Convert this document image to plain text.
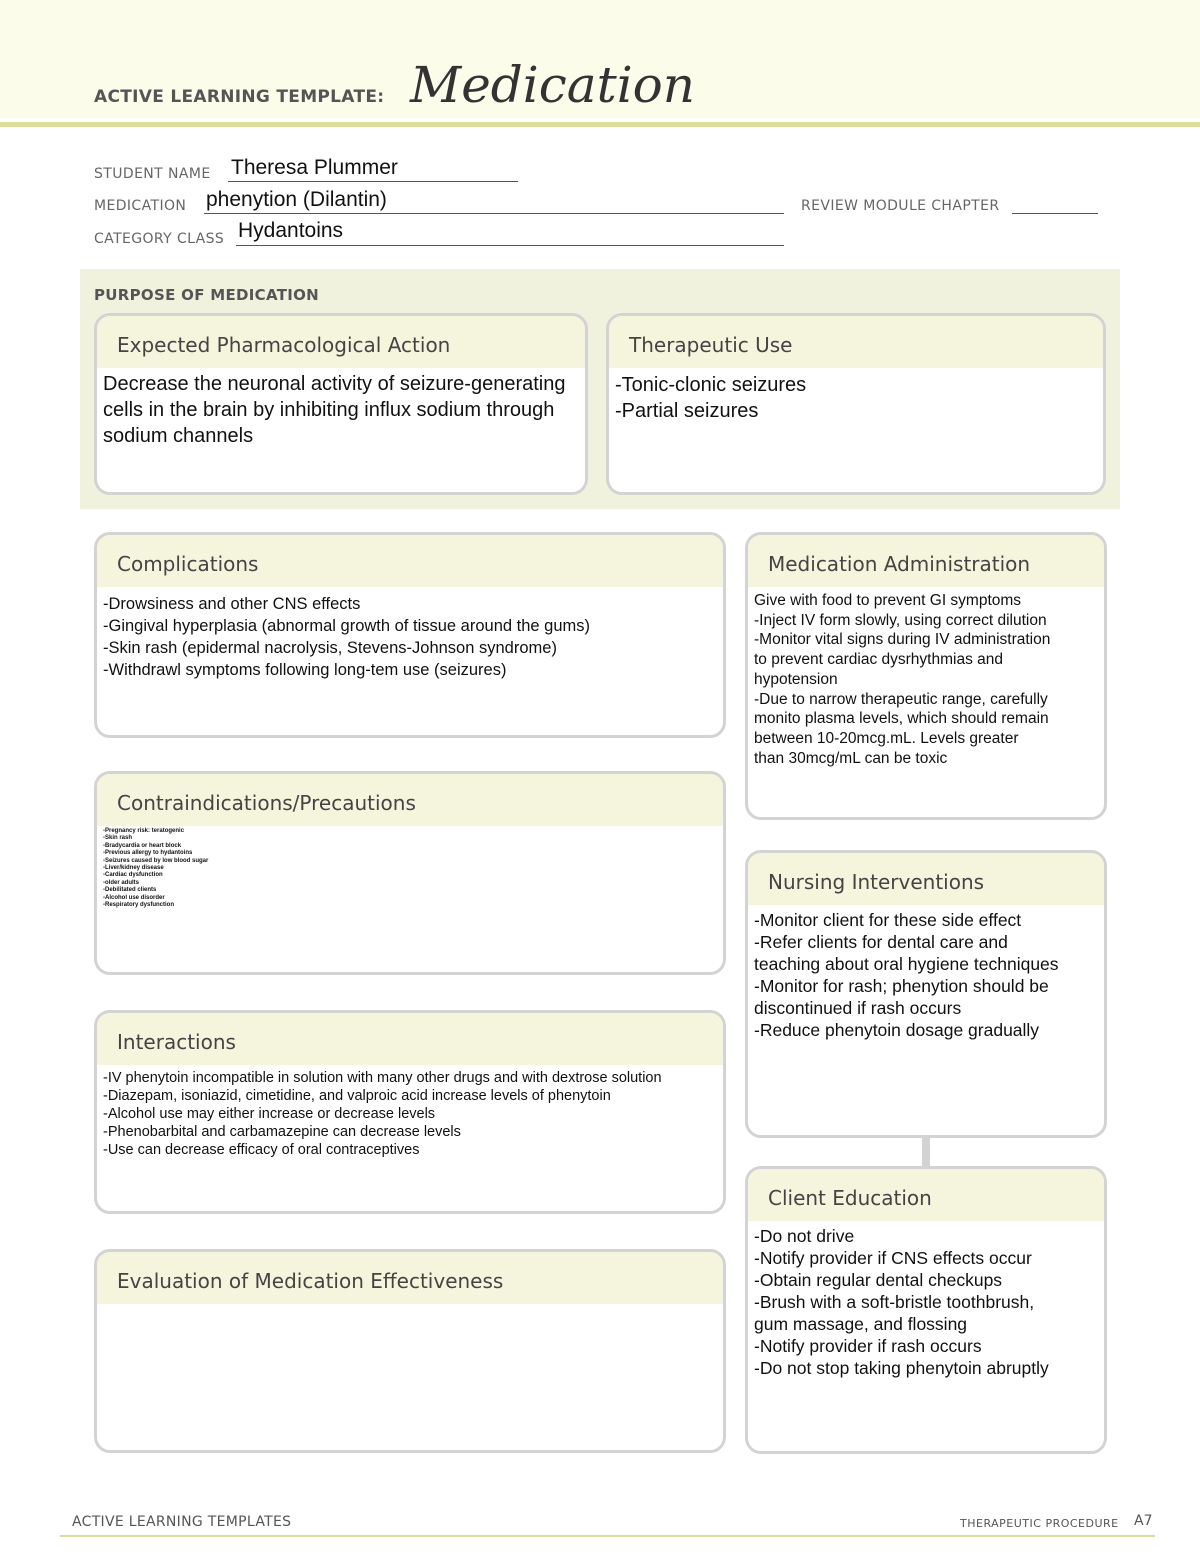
ACTIVE LEARNING TEMPLATE: Medication
STUDENT NAME Theresa Plummer
MEDICATION phenytion (Dilantin)	REVIEW MODULE CHAPTER
CATEGORY CLASS Hydantoins
PURPOSE OF MEDICATION
Expected Pharmacological Action
Decrease the neuronal activity of seizure-generating cells in the brain by inhibiting influx sodium through sodium channels
Therapeutic Use
-Tonic-clonic seizures
-Partial seizures
Complications
-Drowsiness and other CNS effects
-Gingival hyperplasia (abnormal growth of tissue around the gums)
-Skin rash (epidermal nacrolysis, Stevens-Johnson syndrome)
-Withdrawl symptoms following long-tem use (seizures)
Medication Administration
Give with food to prevent GI symptoms
-Inject IV form slowly, using correct dilution
-Monitor vital signs during IV administration
to prevent cardiac dysrhythmias and
hypotension
-Due to narrow therapeutic range, carefully
monito plasma levels, which should remain
between 10-20mcg.mL. Levels greater
than 30mcg/mL can be toxic
Contraindications/Precautions
-Pregnancy risk: teratogenic
-Skin rash
-Bradycardia or heart block
-Previous allergy to hydantoins
-Seizures caused by low blood sugar
-Liver/kidney disease
-Cardiac dysfunction
-older adults
-Debilitated clients
-Alcohol use disorder
-Respiratory dysfunction
Nursing Interventions
-Monitor client for these side effect
-Refer clients for dental care and
teaching about oral hygiene techniques
-Monitor for rash; phenytion should be
discontinued if rash occurs
-Reduce phenytoin dosage gradually
Interactions
-IV phenytoin incompatible in solution with many other drugs and with dextrose solution
-Diazepam, isoniazid, cimetidine, and valproic acid increase levels of phenytoin
-Alcohol use may either increase or decrease levels
-Phenobarbital and carbamazepine can decrease levels
-Use can decrease efficacy of oral contraceptives
Client Education
-Do not drive
-Notify provider if CNS effects occur
-Obtain regular dental checkups
-Brush with a soft-bristle toothbrush,
gum massage, and flossing
-Notify provider if rash occurs
-Do not stop taking phenytoin abruptly
Evaluation of Medication Effectiveness
ACTIVE LEARNING TEMPLATES	THERAPEUTIC PROCEDURE A7
